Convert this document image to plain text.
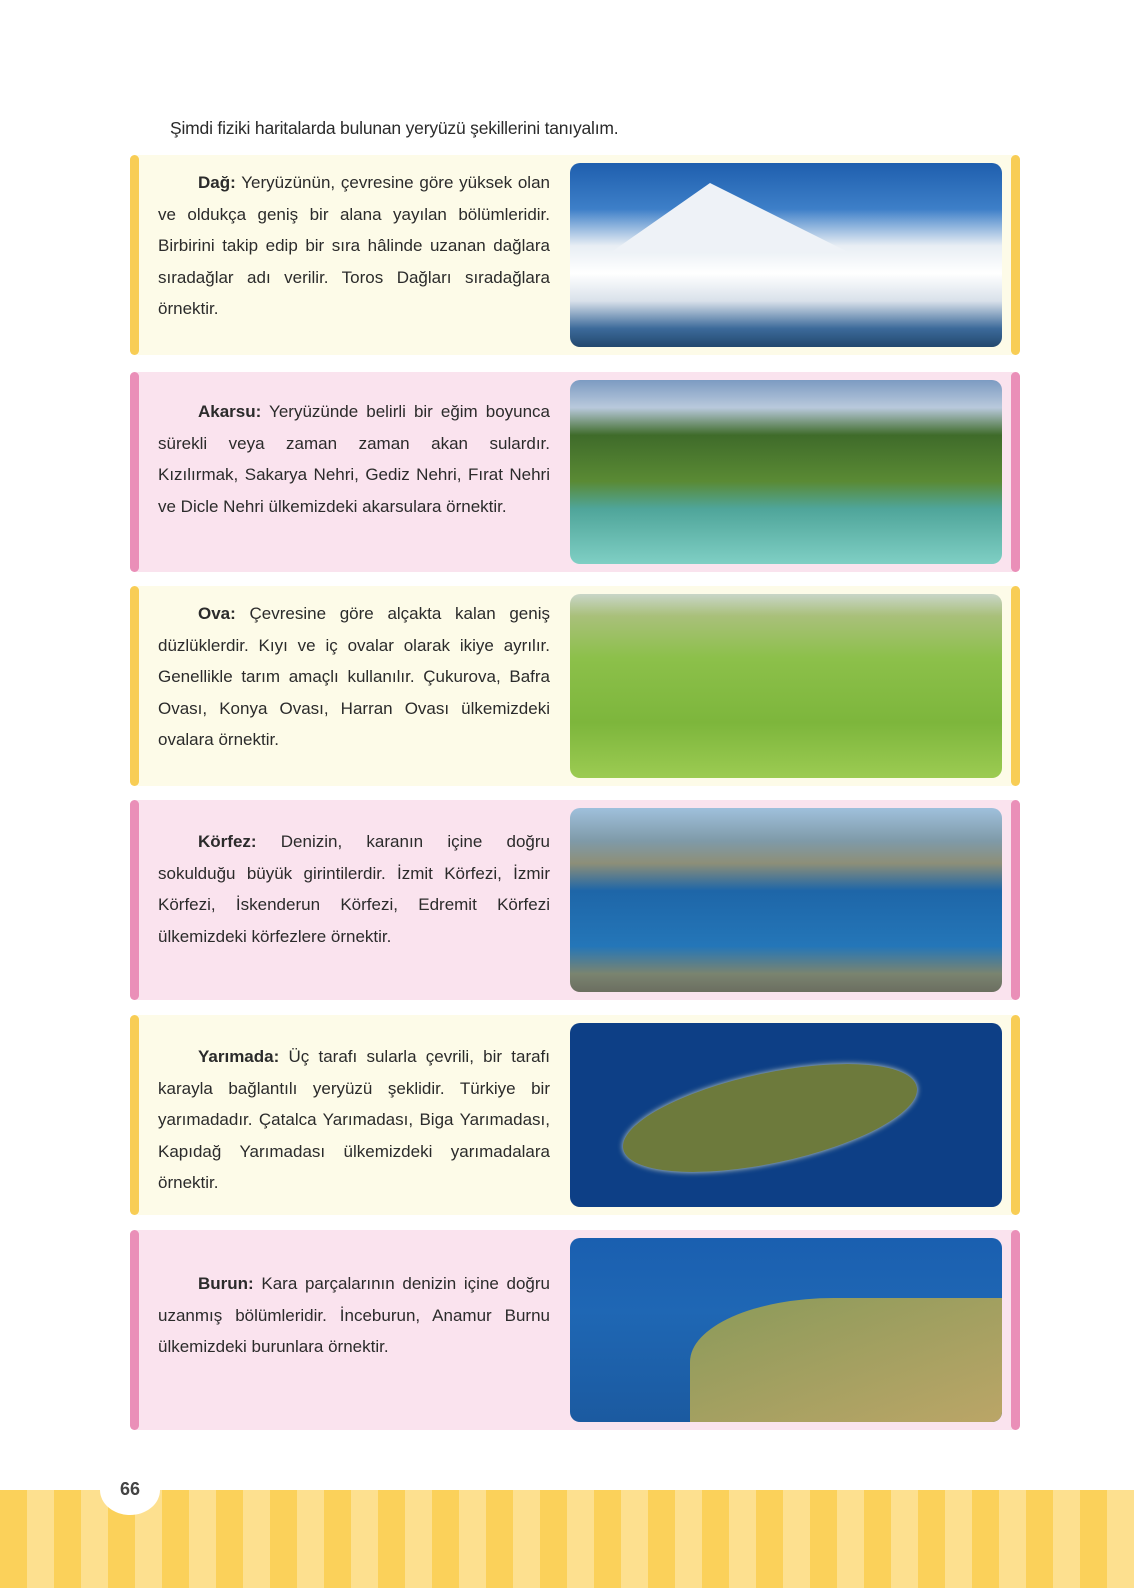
Şimdi fiziki haritalarda bulunan yeryüzü şekillerini tanıyalım.
Dağ: Yeryüzünün, çevresine göre yüksek olan ve oldukça geniş bir alana yayılan bölümleridir. Birbirini takip edip bir sıra hâlinde uzanan dağlara sıradağlar adı verilir. Toros Dağları sıradağlara örnektir.
Akarsu: Yeryüzünde belirli bir eğim boyunca sürekli veya zaman zaman akan sulardır. Kızılırmak, Sakarya Nehri, Gediz Nehri, Fırat Nehri ve Dicle Nehri ülkemizdeki akarsulara örnektir.
Ova: Çevresine göre alçakta kalan geniş düzlüklerdir. Kıyı ve iç ovalar olarak ikiye ayrılır. Genellikle tarım amaçlı kullanılır. Çukurova, Bafra Ovası, Konya Ovası, Harran Ovası ülkemizdeki ovalara örnektir.
Körfez: Denizin, karanın içine doğru sokulduğu büyük girintilerdir. İzmit Körfezi, İzmir Körfezi, İskenderun Körfezi, Edremit Körfezi ülkemizdeki körfezlere örnektir.
Yarımada: Üç tarafı sularla çevrili, bir tarafı karayla bağlantılı yeryüzü şeklidir. Türkiye bir yarımadadır. Çatalca Yarımadası, Biga Yarımadası, Kapıdağ Yarımadası ülkemizdeki yarımadalara örnektir.
Burun: Kara parçalarının denizin içine doğru uzanmış bölümleridir. İnceburun, Anamur Burnu ülkemizdeki burunlara örnektir.
66
